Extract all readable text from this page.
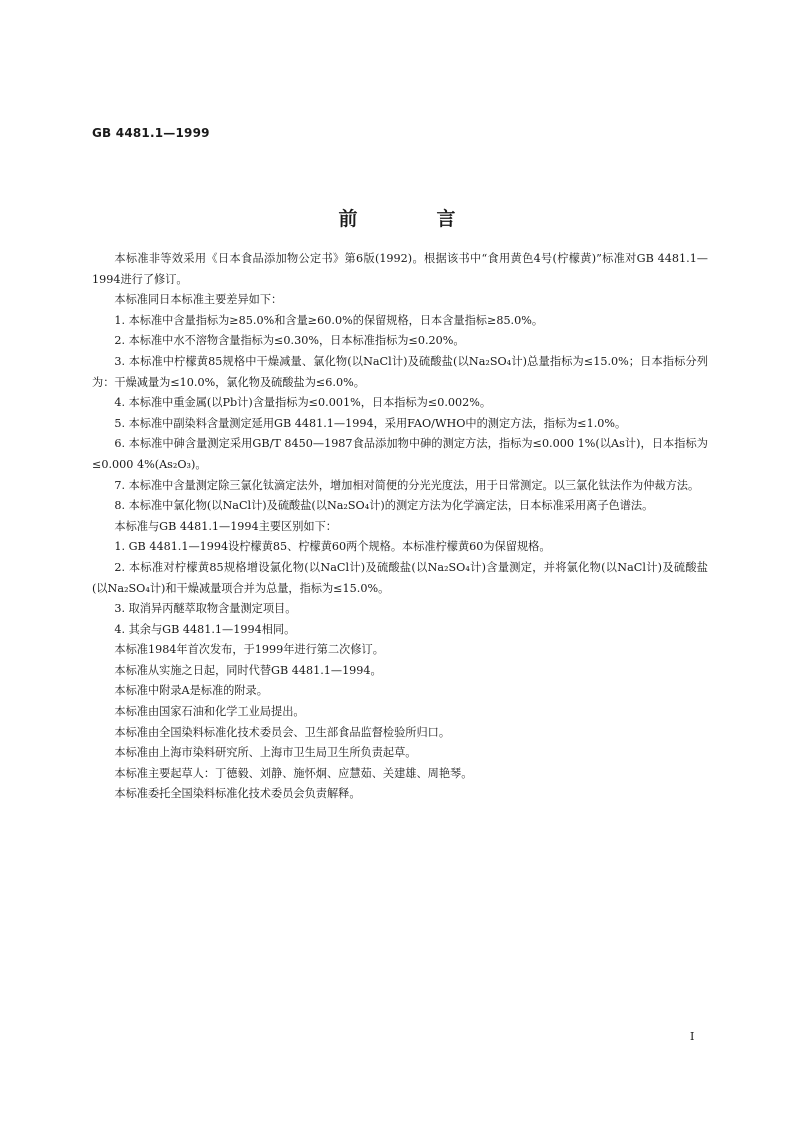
GB 4481.1—1999
前　言

本标准非等效采用《日本食品添加物公定书》第6版(1992)。根据该书中“食用黄色4号(柠檬黄)”标准对GB 4481.1—1994进行了修订。

本标准同日本标准主要差异如下：

1. 本标准中含量指标为≥85.0%和含量≥60.0%的保留规格，日本含量指标≥85.0%。

2. 本标准中水不溶物含量指标为≤0.30%，日本标准指标为≤0.20%。

3. 本标准中柠檬黄85规格中干燥减量、氯化物(以NaCl计)及硫酸盐(以Na₂SO₄计)总量指标为≤15.0%；日本指标分列为：干燥减量为≤10.0%，氯化物及硫酸盐为≤6.0%。

4. 本标准中重金属(以Pb计)含量指标为≤0.001%，日本指标为≤0.002%。

5. 本标准中副染料含量测定延用GB 4481.1—1994，采用FAO/WHO中的测定方法，指标为≤1.0%。

6. 本标准中砷含量测定采用GB/T 8450—1987食品添加物中砷的测定方法，指标为≤0.000 1%(以As计)，日本指标为≤0.000 4%(As₂O₃)。

7. 本标准中含量测定除三氯化钛滴定法外，增加相对简便的分光光度法，用于日常测定。以三氯化钛法作为仲裁方法。

8. 本标准中氯化物(以NaCl计)及硫酸盐(以Na₂SO₄计)的测定方法为化学滴定法，日本标准采用离子色谱法。

本标准与GB 4481.1—1994主要区别如下：

1. GB 4481.1—1994设柠檬黄85、柠檬黄60两个规格。本标准柠檬黄60为保留规格。

2. 本标准对柠檬黄85规格增设氯化物(以NaCl计)及硫酸盐(以Na₂SO₄计)含量测定，并将氯化物(以NaCl计)及硫酸盐(以Na₂SO₄计)和干燥减量项合并为总量，指标为≤15.0%。

3. 取消异丙醚萃取物含量测定项目。

4. 其余与GB 4481.1—1994相同。

本标准1984年首次发布，于1999年进行第二次修订。

本标准从实施之日起，同时代替GB 4481.1—1994。

本标准中附录A是标准的附录。

本标准由国家石油和化学工业局提出。

本标准由全国染料标准化技术委员会、卫生部食品监督检验所归口。

本标准由上海市染料研究所、上海市卫生局卫生所负责起草。

本标准主要起草人：丁德毅、刘静、施怀炯、应慧茹、关建雄、周艳琴。

本标准委托全国染料标准化技术委员会负责解释。

I
